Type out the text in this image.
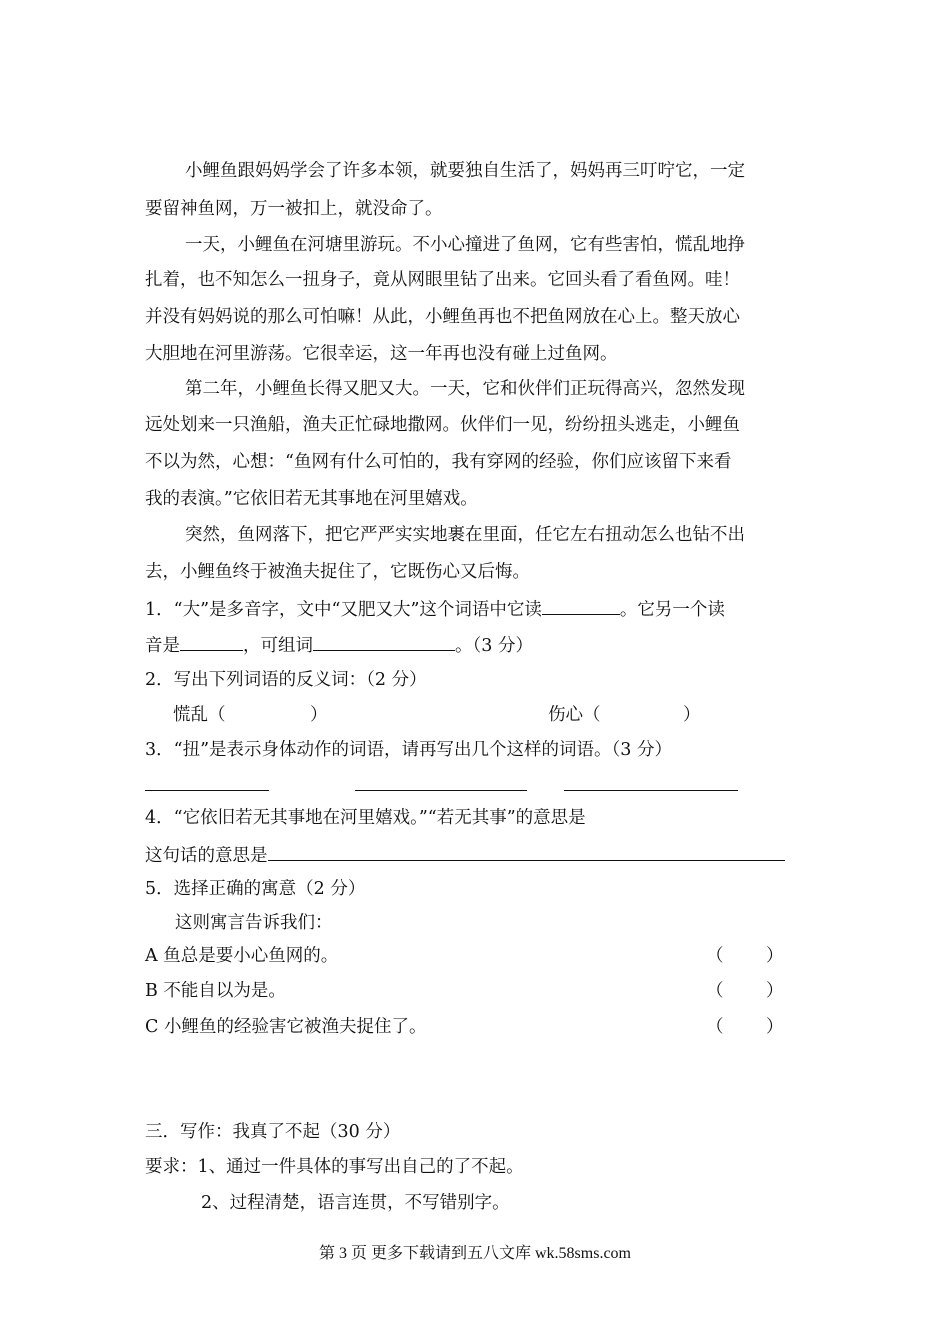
小鲤鱼跟妈妈学会了许多本领，就要独自生活了，妈妈再三叮咛它，一定
要留神鱼网，万一被扣上，就没命了。
一天，小鲤鱼在河塘里游玩。不小心撞进了鱼网，它有些害怕，慌乱地挣
扎着，也不知怎么一扭身子，竟从网眼里钻了出来。它回头看了看鱼网。哇！
并没有妈妈说的那么可怕嘛！从此，小鲤鱼再也不把鱼网放在心上。整天放心
大胆地在河里游荡。它很幸运，这一年再也没有碰上过鱼网。
第二年，小鲤鱼长得又肥又大。一天，它和伙伴们正玩得高兴，忽然发现
远处划来一只渔船，渔夫正忙碌地撒网。伙伴们一见，纷纷扭头逃走，小鲤鱼
不以为然，心想：“鱼网有什么可怕的，我有穿网的经验，你们应该留下来看
我的表演。”它依旧若无其事地在河里嬉戏。
突然，鱼网落下，把它严严实实地裹在里面，任它左右扭动怎么也钻不出
去，小鲤鱼终于被渔夫捉住了，它既伤心又后悔。
1．“大”是多音字，文中“又肥又大”这个词语中它读	。它另一个读
音是	，可组词	。（3 分）
2．写出下列词语的反义词：（2 分）
慌乱（	）	伤心（	）
3．“扭”是表示身体动作的词语，请再写出几个这样的词语。（3 分）
4．“它依旧若无其事地在河里嬉戏。”“若无其事”的意思是
这句话的意思是
5．选择正确的寓意（2 分）
这则寓言告诉我们：
A 鱼总是要小心鱼网的。	（ ）
B 不能自以为是。	（ ）
C 小鲤鱼的经验害它被渔夫捉住了。	（ ）
三．写作：我真了不起（30 分）
要求：1、通过一件具体的事写出自己的了不起。
2、过程清楚，语言连贯，不写错别字。
第 3 页 更多下载请到五八文库 wk.58sms.com
